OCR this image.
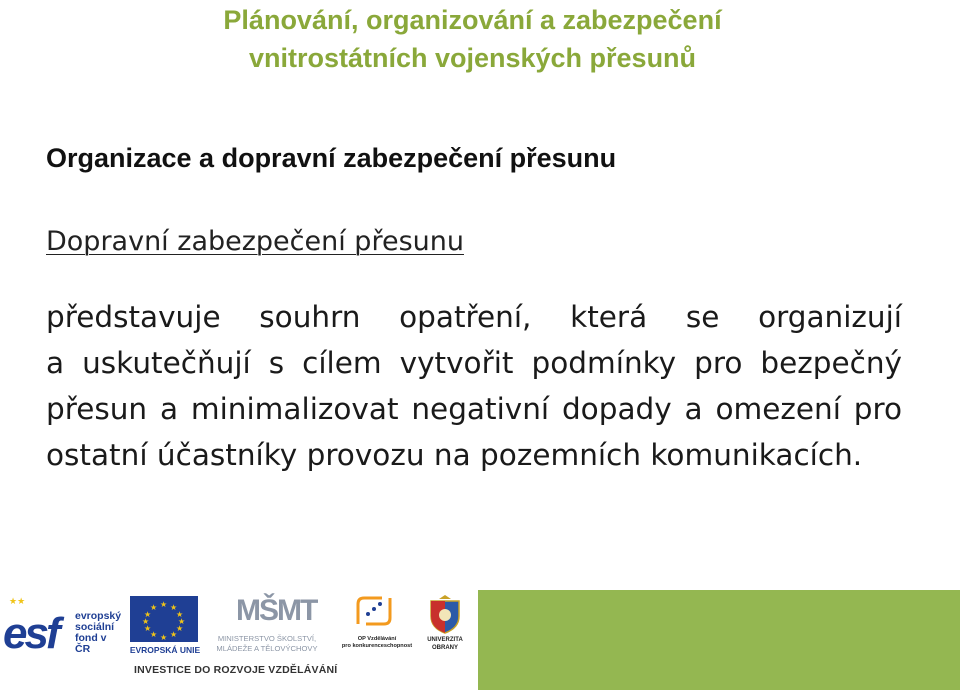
Plánování, organizování a zabezpečení
vnitrostátních vojenských přesunů
Organizace a dopravní zabezpečení přesunu
Dopravní zabezpečení přesunu
představuje souhrn opatření, která se organizují
a uskutečňují s cílem vytvořit podmínky pro bezpečný
přesun a minimalizovat negativní dopady a omezení pro
ostatní účastníky provozu na pozemních komunikacích.
★★
esf evropský
sociální
fond v ČR
★ ★
★
★
★
★
★
★
★
★
★
★
EVROPSKÁ UNIE
MŠMT
MINISTERSTVO ŠKOLSTVÍ,
MLÁDEŽE A TĚLOVÝCHOVY
OP Vzdělávání
pro konkurenceschopnost
UNIVERZITA
OBRANY
INVESTICE DO ROZVOJE VZDĚLÁVÁNÍ
